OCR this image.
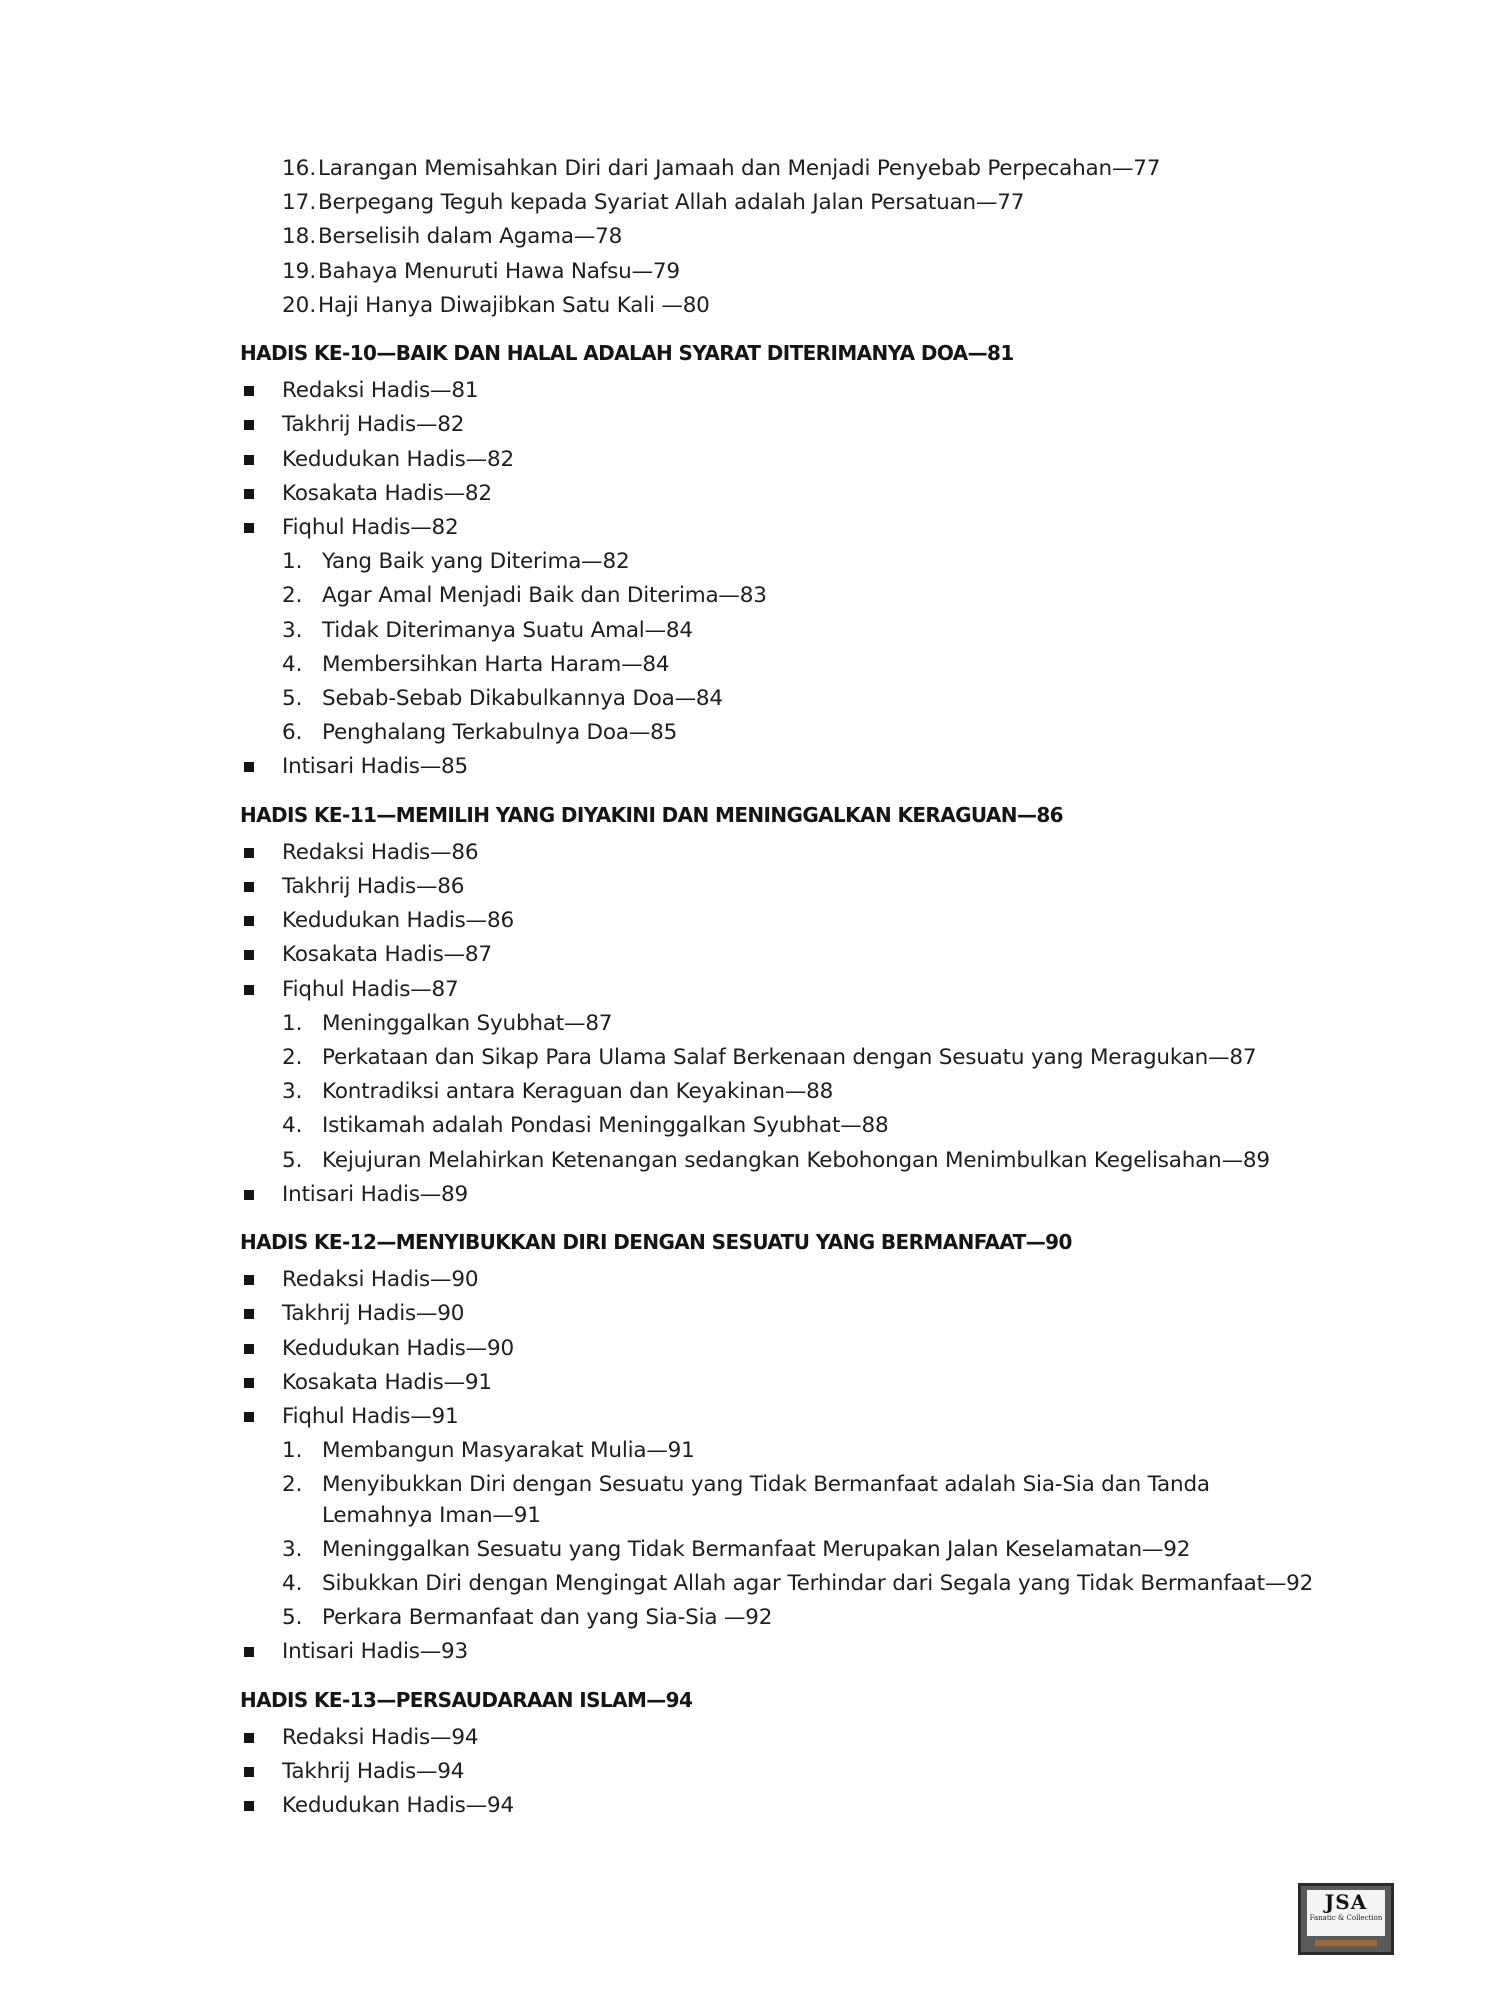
16. Larangan Memisahkan Diri dari Jamaah dan Menjadi Penyebab Perpecahan—77
17. Berpegang Teguh kepada Syariat Allah adalah Jalan Persatuan—77
18. Berselisih dalam Agama—78
19. Bahaya Menuruti Hawa Nafsu—79
20. Haji Hanya Diwajibkan Satu Kali —80
HADIS KE-10—BAIK DAN HALAL ADALAH SYARAT DITERIMANYA DOA—81
Redaksi Hadis—81
Takhrij Hadis—82
Kedudukan Hadis—82
Kosakata Hadis—82
Fiqhul Hadis—82
1. Yang Baik yang Diterima—82
2. Agar Amal Menjadi Baik dan Diterima—83
3. Tidak Diterimanya Suatu Amal—84
4. Membersihkan Harta Haram—84
5. Sebab-Sebab Dikabulkannya Doa—84
6. Penghalang Terkabulnya Doa—85
Intisari Hadis—85
HADIS KE-11—MEMILIH YANG DIYAKINI DAN MENINGGALKAN KERAGUAN—86
Redaksi Hadis—86
Takhrij Hadis—86
Kedudukan Hadis—86
Kosakata Hadis—87
Fiqhul Hadis—87
1. Meninggalkan Syubhat—87
2. Perkataan dan Sikap Para Ulama Salaf Berkenaan dengan Sesuatu yang Meragukan—87
3. Kontradiksi antara Keraguan dan Keyakinan—88
4. Istikamah adalah Pondasi Meninggalkan Syubhat—88
5. Kejujuran Melahirkan Ketenangan sedangkan Kebohongan Menimbulkan Kegelisahan—89
Intisari Hadis—89
HADIS KE-12—MENYIBUKKAN DIRI DENGAN SESUATU YANG BERMANFAAT—90
Redaksi Hadis—90
Takhrij Hadis—90
Kedudukan Hadis—90
Kosakata Hadis—91
Fiqhul Hadis—91
1. Membangun Masyarakat Mulia—91
2. Menyibukkan Diri dengan Sesuatu yang Tidak Bermanfaat adalah Sia-Sia dan Tanda
Lemahnya Iman—91
3. Meninggalkan Sesuatu yang Tidak Bermanfaat Merupakan Jalan Keselamatan—92
4. Sibukkan Diri dengan Mengingat Allah agar Terhindar dari Segala yang Tidak Bermanfaat—92
5. Perkara Bermanfaat dan yang Sia-Sia —92
Intisari Hadis—93
HADIS KE-13—PERSAUDARAAN ISLAM—94
Redaksi Hadis—94
Takhrij Hadis—94
Kedudukan Hadis—94
JSA
Fanatic & Collection
